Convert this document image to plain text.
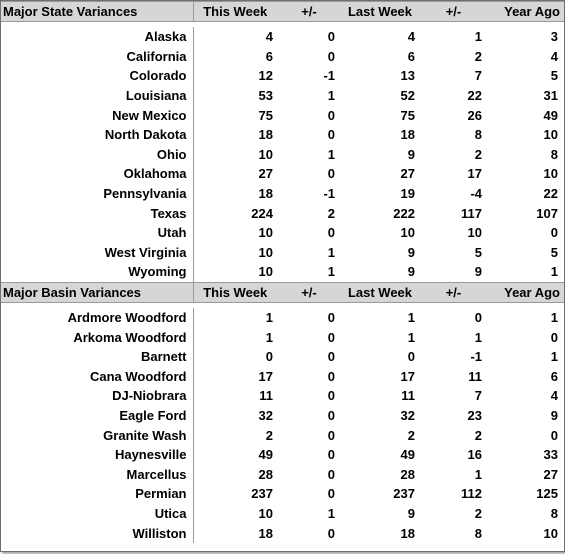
Major State Variances	This Week	+/-	Last Week	+/-	Year Ago

Alaska	4	0	4	1	3
California	6	0	6	2	4
Colorado	12	-1	13	7	5
Louisiana	53	1	52	22	31
New Mexico	75	0	75	26	49
North Dakota	18	0	18	8	10
Ohio	10	1	9	2	8
Oklahoma	27	0	27	17	10
Pennsylvania	18	-1	19	-4	22
Texas	224	2	222	117	107
Utah	10	0	10	10	0
West Virginia	10	1	9	5	5
Wyoming	10	1	9	9	1
Major Basin Variances	This Week	+/-	Last Week	+/-	Year Ago

Ardmore Woodford	1	0	1	0	1
Arkoma Woodford	1	0	1	1	0
Barnett	0	0	0	-1	1
Cana Woodford	17	0	17	11	6
DJ-Niobrara	11	0	11	7	4
Eagle Ford	32	0	32	23	9
Granite Wash	2	0	2	2	0
Haynesville	49	0	49	16	33
Marcellus	28	0	28	1	27
Permian	237	0	237	112	125
Utica	10	1	9	2	8
Williston	18	0	18	8	10
